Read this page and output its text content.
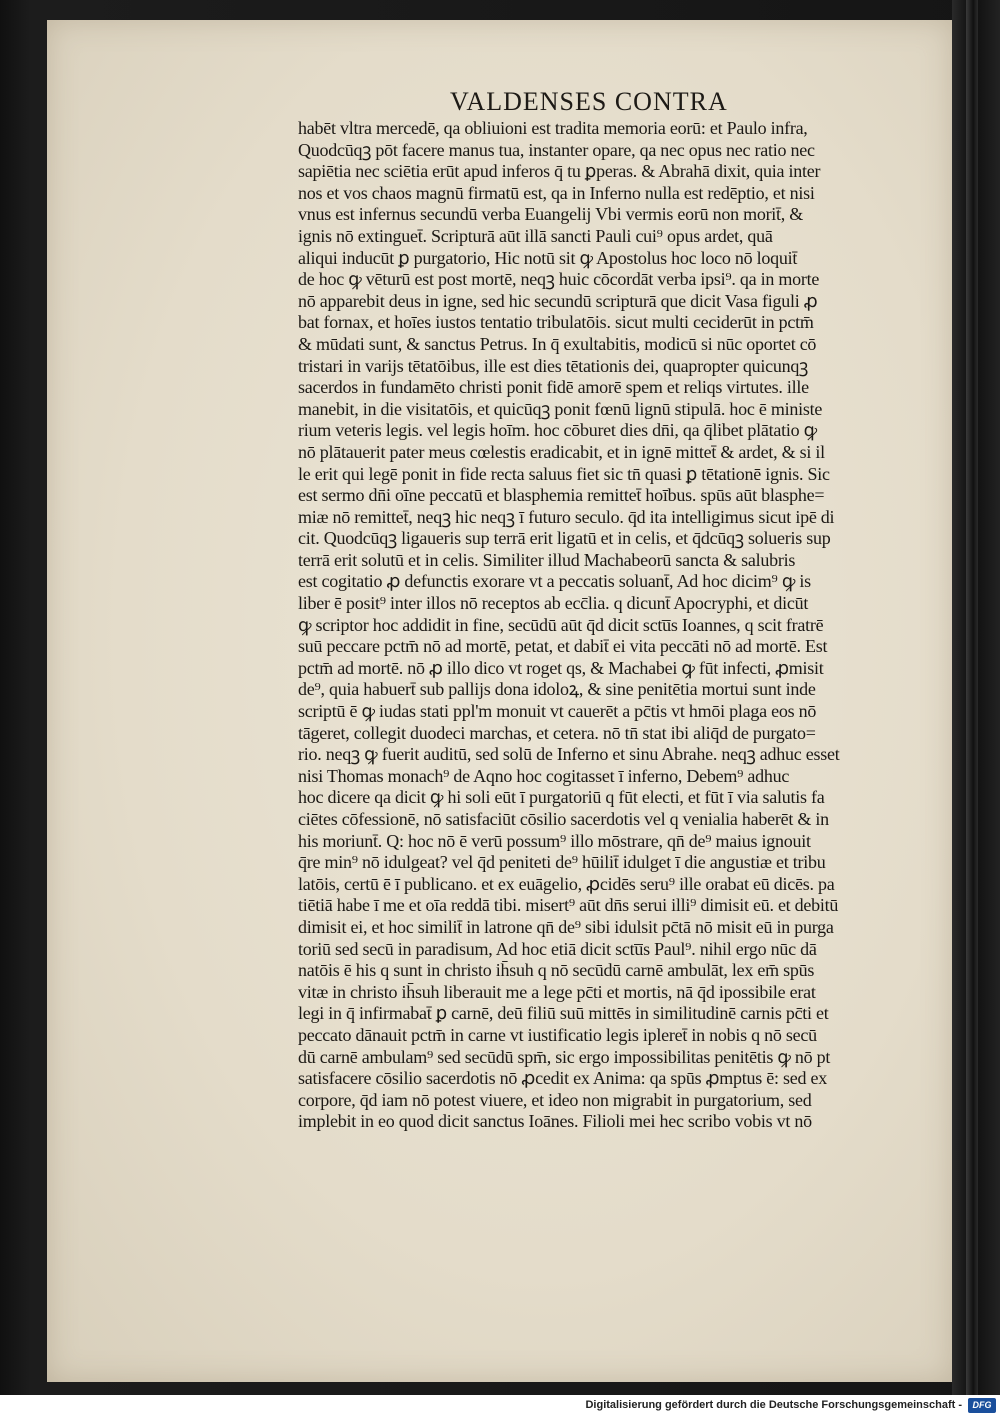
VALDENSES CONTRA
habēt vltra mercedē, qa obliuioni est tradita memoria eorū: et Paulo infra,
Quodcūqꝫ pōt facere manus tua, instanter opare, qa nec opus nec ratio nec
sapiētia nec sciētia erūt apud inferos q̄ tu ꝑperas. & Abrahā dixit, quia inter
nos et vos chaos magnū firmatū est, qa in Inferno nulla est redēptio, et nisi
vnus est infernus secundū verba Euangelij Vbi vermis eorū non morit̄, &
ignis nō extinguet̄. Scripturā aūt illā sancti Pauli cui⁹ opus ardet, quā
aliqui inducūt ꝑ purgatorio, Hic notū sit ꝙ Apostolus hoc loco nō loquit̄
de hoc ꝙ vēturū est post mortē, neqꝫ huic cōcordāt verba ipsi⁹. qa in morte
nō apparebit deus in igne, sed hic secundū scripturā que dicit Vasa figuli ꝓ
bat fornax, et hoīes iustos tentatio tribulatōis. sicut multi ceciderūt in pctm̄
& mūdati sunt, & sanctus Petrus. In q̄ exultabitis, modicū si nūc oportet cō
tristari in varijs tētatōibus, ille est dies tētationis dei, quapropter quicunqꝫ
sacerdos in fundamēto christi ponit fidē amorē spem et reliqs virtutes. ille
manebit, in die visitatōis, et quicūqꝫ ponit fœnū lignū stipulā. hoc ē ministe
rium veteris legis. vel legis hoīm. hoc cōburet dies dn̄i, qa q̄libet plātatio ꝙ
nō plātauerit pater meus cœlestis eradicabit, et in ignē mittet̄ & ardet, & si il
le erit qui legē ponit in fide recta saluus fiet sic tn̄ quasi ꝑ tētationē ignis. Sic
est sermo dn̄i oīne peccatū et blasphemia remittet̄ hoībus. spūs aūt blasphe=
miæ nō remittet̄, neqꝫ hic neqꝫ ī futuro seculo. q̄d ita intelligimus sicut ipē di
cit. Quodcūqꝫ ligaueris sup terrā erit ligatū et in celis, et q̄dcūqꝫ solueris sup
terrā erit solutū et in celis. Similiter illud Machabeorū sancta & salubris
est cogitatio ꝓ defunctis exorare vt a peccatis soluant̄, Ad hoc dicim⁹ ꝙ is
liber ē posit⁹ inter illos nō receptos ab ecc̄lia. q dicunt̄ Apocryphi, et dicūt
ꝙ scriptor hoc addidit in fine, secūdū aūt q̄d dicit sctu̅s Ioannes, q scit fratrē
suū peccare pctm̄ nō ad mortē, petat, et dabit̄ ei vita peccāti nō ad mortē. Est
pctm̄ ad mortē. nō ꝓ illo dico vt roget qs, & Machabei ꝙ fūt infecti, ꝓmisit
de⁹, quia habuert̄ sub pallijs dona idoloꝝ, & sine penitētia mortui sunt inde
scriptū ē ꝙ iudas stati ppl'm monuit vt cauerēt a pc̄tis vt hmōi plaga eos nō
tāgeret, collegit duodeci marchas, et cetera. nō tn̄ stat ibi aliq̄d de purgato=
rio. neqꝫ ꝙ fuerit auditū, sed solū de Inferno et sinu Abrahe. neqꝫ adhuc esset
nisi Thomas monach⁹ de Aqno hoc cogitasset ī inferno, Debem⁹ adhuc
hoc dicere qa dicit ꝙ hi soli eūt ī purgatoriū q fūt electi, et fūt ī via salutis fa
ciētes cōfessionē, nō satisfaciūt cōsilio sacerdotis vel q venialia haberēt & in
his moriunt̄. Q: hoc nō ē verū possum⁹ illo mōstrare, qn̄ de⁹ maius ignouit
q̄re min⁹ nō idulgeat? vel q̄d peniteti de⁹ hūilit̄ idulget ī die angustiæ et tribu
latōis, certū ē ī publicano. et ex euāgelio, ꝓcidēs seru⁹ ille orabat eū dicēs. pa
tiētiā habe ī me et oīa reddā tibi. misert⁹ aūt dn̄s serui illi⁹ dimisit eū. et debitū
dimisit ei, et hoc similit̄ in latrone qn̄ de⁹ sibi idulsit pc̄tā nō misit eū in purga
toriū sed secū in paradisum, Ad hoc etiā dicit sctu̅s Paul⁹. nihil ergo nūc dā
natōis ē his q sunt in christo ih̄suh q nō secūdū carnē ambulāt, lex em̄ spūs
vitæ in christo ih̄suh liberauit me a lege pc̄ti et mortis, nā q̄d ipossibile erat
legi in q̄ infirmabat̄ ꝑ carnē, deū filiū suū mittēs in similitudinē carnis pc̄ti et
peccato dānauit pctm̄ in carne vt iustificatio legis ipleret̄ in nobis q nō secū
dū carnē ambulam⁹ sed secūdū spm̄, sic ergo impossibilitas penitētis ꝙ nō pt
satisfacere cōsilio sacerdotis nō ꝓcedit ex Anima: qa spūs ꝓmptus ē: sed ex
corpore, q̄d iam nō potest viuere, et ideo non migrabit in purgatorium, sed
implebit in eo quod dicit sanctus Ioānes. Filioli mei hec scribo vobis vt nō
Digitalisierung gefördert durch die Deutsche Forschungsgemeinschaft -	DFG
